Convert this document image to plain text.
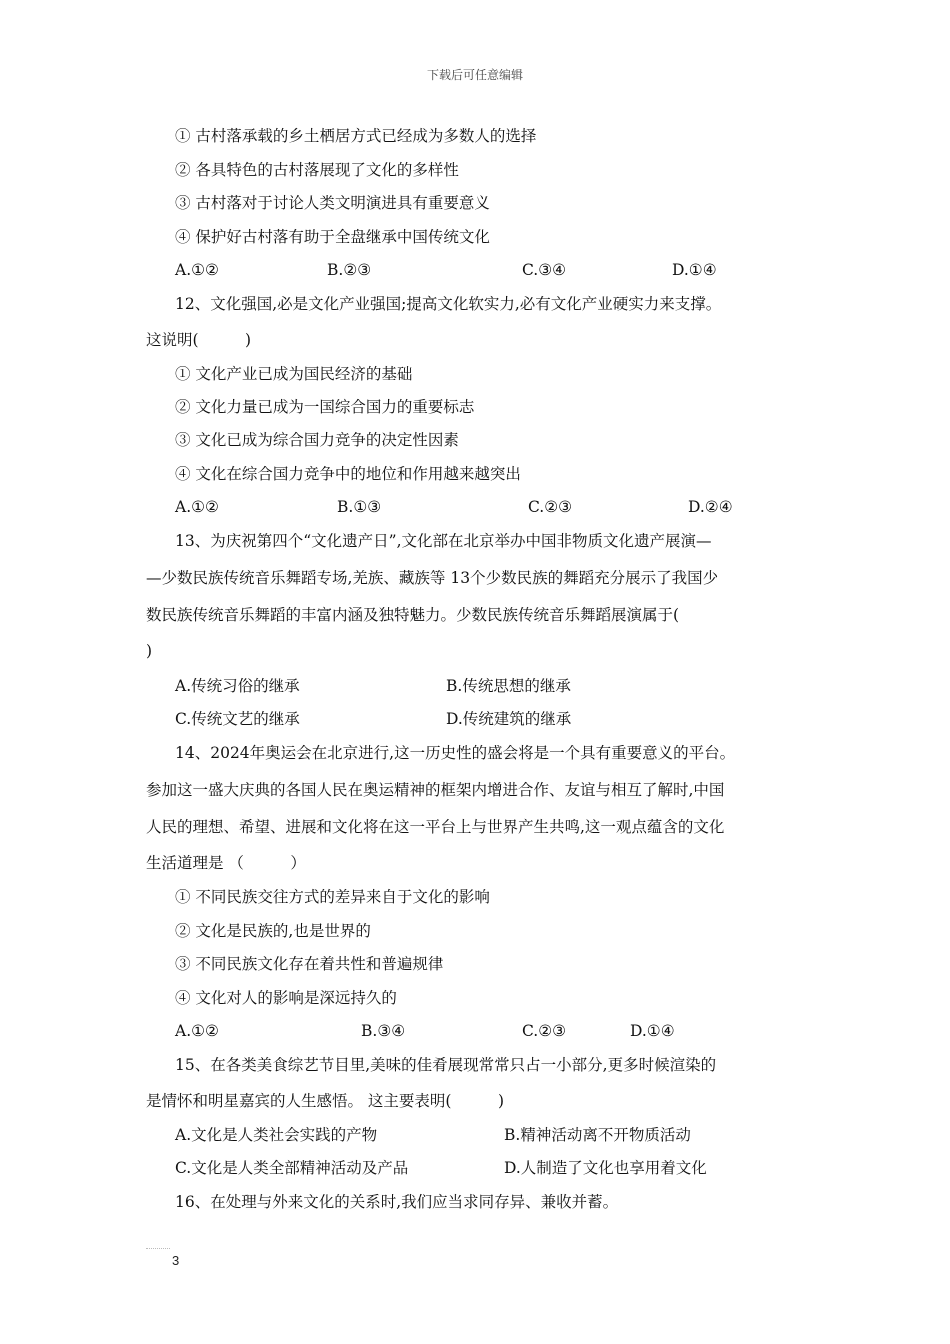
下载后可任意编辑
① 古村落承载的乡土栖居方式已经成为多数人的选择
② 各具特色的古村落展现了文化的多样性
③ 古村落对于讨论人类文明演进具有重要意义
④ 保护好古村落有助于全盘继承中国传统文化
A.①②	B.②③	C.③④	D.①④
12、文化强国,必是文化产业强国;提高文化软实力,必有文化产业硬实力来支撑。
这说明(　　　)
① 文化产业已成为国民经济的基础
② 文化力量已成为一国综合国力的重要标志
③ 文化已成为综合国力竞争的决定性因素
④ 文化在综合国力竞争中的地位和作用越来越突出
A.①②	B.①③	C.②③	D.②④
13、为庆祝第四个“文化遗产日”,文化部在北京举办中国非物质文化遗产展演—
—少数民族传统音乐舞蹈专场,羌族、藏族等 13个少数民族的舞蹈充分展示了我国少
数民族传统音乐舞蹈的丰富内涵及独特魅力。少数民族传统音乐舞蹈展演属于(
)
A.传统习俗的继承	B.传统思想的继承
C.传统文艺的继承	D.传统建筑的继承
14、2024年奥运会在北京进行,这一历史性的盛会将是一个具有重要意义的平台。
参加这一盛大庆典的各国人民在奥运精神的框架内增进合作、友谊与相互了解时,中国
人民的理想、希望、进展和文化将在这一平台上与世界产生共鸣,这一观点蕴含的文化
生活道理是 （　　　）
① 不同民族交往方式的差异来自于文化的影响
② 文化是民族的,也是世界的
③ 不同民族文化存在着共性和普遍规律
④ 文化对人的影响是深远持久的
A.①②	B.③④	C.②③	D.①④
15、在各类美食综艺节目里,美味的佳肴展现常常只占一小部分,更多时候渲染的
是情怀和明星嘉宾的人生感悟。 这主要表明(　　　)
A.文化是人类社会实践的产物	B.精神活动离不开物质活动
C.文化是人类全部精神活动及产品	D.人制造了文化也享用着文化
16、在处理与外来文化的关系时,我们应当求同存异、兼收并蓄。
3
